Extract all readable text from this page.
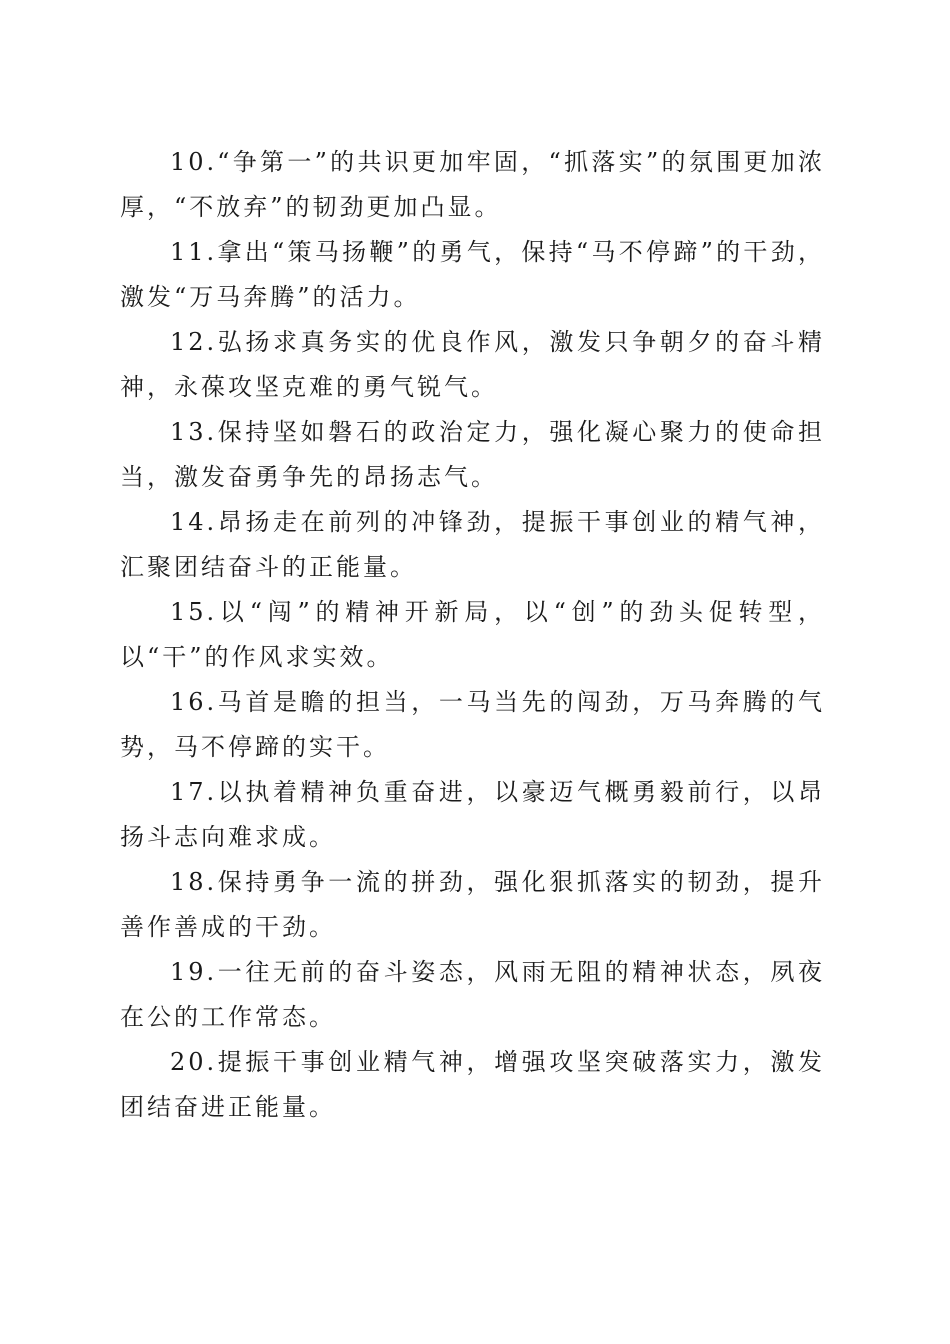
10.“争第一”的共识更加牢固，“抓落实”的氛围更加浓厚，“不放弃”的韧劲更加凸显。

11.拿出“策马扬鞭”的勇气，保持“马不停蹄”的干劲，激发“万马奔腾”的活力。

12.弘扬求真务实的优良作风，激发只争朝夕的奋斗精神，永葆攻坚克难的勇气锐气。

13.保持坚如磐石的政治定力，强化凝心聚力的使命担当，激发奋勇争先的昂扬志气。

14.昂扬走在前列的冲锋劲，提振干事创业的精气神，汇聚团结奋斗的正能量。

15.以“闯”的精神开新局，以“创”的劲头促转型，以“干”的作风求实效。

16.马首是瞻的担当，一马当先的闯劲，万马奔腾的气势，马不停蹄的实干。

17.以执着精神负重奋进，以豪迈气概勇毅前行，以昂扬斗志向难求成。

18.保持勇争一流的拼劲，强化狠抓落实的韧劲，提升善作善成的干劲。

19.一往无前的奋斗姿态，风雨无阻的精神状态，夙夜在公的工作常态。

20.提振干事创业精气神，增强攻坚突破落实力，激发团结奋进正能量。
